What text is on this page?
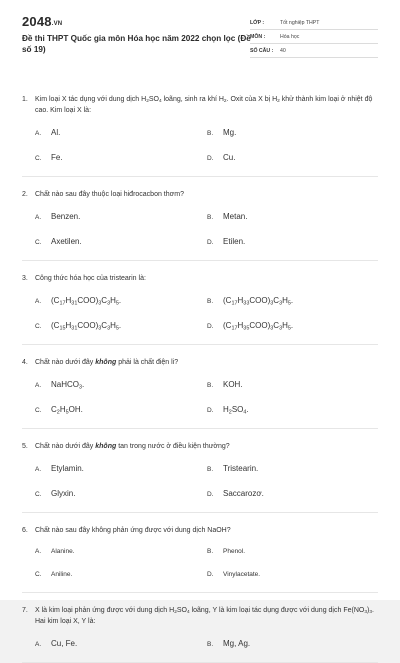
2048.VN
Đề thi THPT Quốc gia môn Hóa học năm 2022 chọn lọc (Đề số 19)
LỚP :	Tốt nghiệp THPT
MÔN :	Hóa học
SỐ CÂU :	40
1.	Kim loại X tác dụng với dung dịch $H_2SO_4$ loãng, sinh ra khí $H_2$. Oxit của X bị $H_2$ khử thành kim loại ở nhiệt độ cao. Kim loại X là:
A.	Al.	B.	Mg.
C.	Fe.	D.	Cu.
2.	Chất nào sau đây thuộc loại hiđrocacbon thơm?
A.	Benzen.	B.	Metan.
C.	Axetilen.	D.	Etilen.
3.	Công thức hóa học của tristearin là:
A.	$(C_{17}H_{31}COO)_3C_3H_5$.	B.	$(C_{17}H_{33}COO)_3C_3H_5$.
C.	$(C_{15}H_{31}COO)_3C_3H_5$.	D.	$(C_{17}H_{35}COO)_3C_3H_5$.
4.	Chất nào dưới đây không phải là chất điện li?
A.	NaHCO$_3$.	B.	KOH.
C.	$C_2H_5OH$.	D.	$H_2SO_4$.
5.	Chất nào dưới đây không tan trong nước ở điều kiện thường?
A.	Etylamin.	B.	Tristearin.
C.	Glyxin.	D.	Saccarozơ.
6.	Chất nào sau đây không phản ứng được với dung dịch NaOH?
A.	Alanine.	B.	Phenol.
C.	Aniline.	D.	Vinylacetate.
7.	X là kim loại phản ứng được với dung dịch $H_2SO_4$ loãng, Y là kim loại tác dụng được với dung dịch $Fe(NO_3)_3$. Hai kim loại X, Y là:
A.	Cu, Fe.	B.	Mg, Ag.
